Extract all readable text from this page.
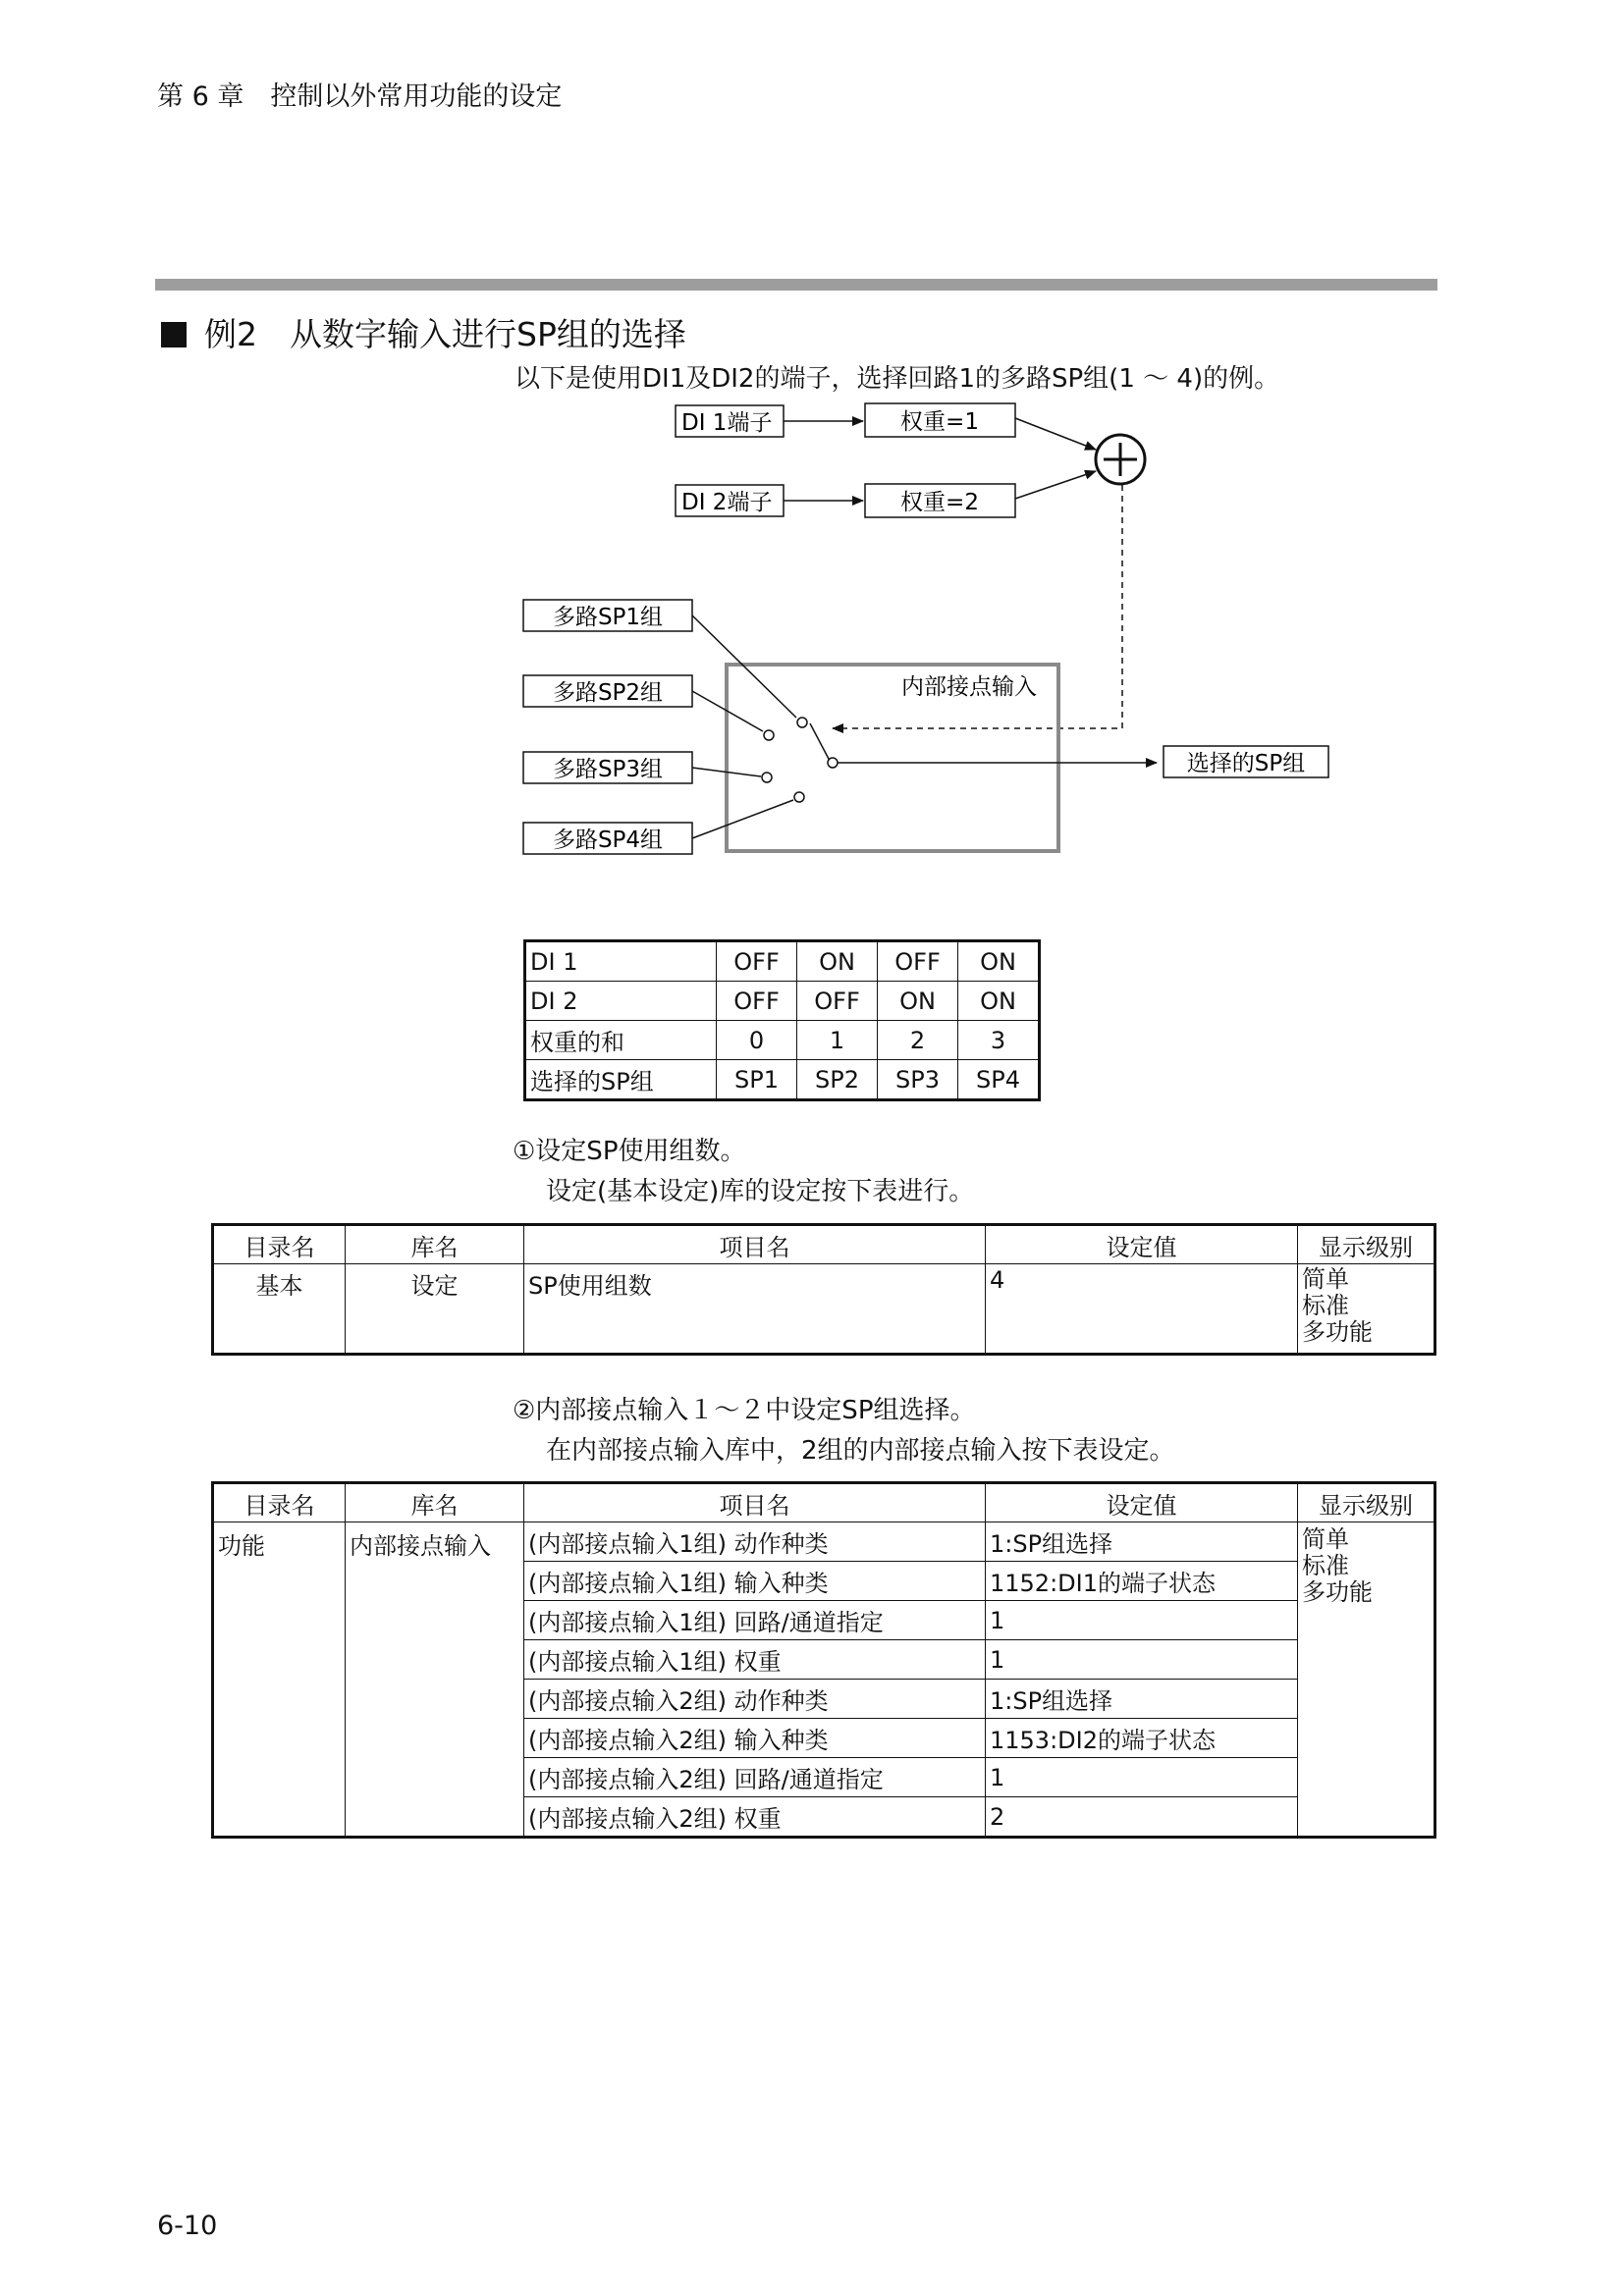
第 6 章　控制以外常用功能的设定
例2　从数字输入进行SP组的选择
以下是使用DI1及DI2的端子，选择回路1的多路SP组(1 ～ 4)的例。
DI 1端子
DI 2端子
权重=1
权重=2
多路SP1组
多路SP2组
多路SP3组
多路SP4组
内部接点输入
选择的SP组
DI 1	OFF	ON	OFF	ON
DI 2	OFF	OFF	ON	ON
权重的和	0	1	2	3
选择的SP组	SP1	SP2	SP3	SP4
①设定SP使用组数。
设定(基本设定)库的设定按下表进行。
目录名	库名	项目名	设定值	显示级别
基本	设定	SP使用组数	4	简单
标准
多功能
②内部接点输入１～２中设定SP组选择。
在内部接点输入库中，2组的内部接点输入按下表设定。
目录名	库名	项目名	设定值	显示级别
功能	内部接点输入	(内部接点输入1组) 动作种类	1:SP组选择	简单
标准
多功能

		(内部接点输入1组) 输入种类	1152:DI1的端子状态	
		(内部接点输入1组) 回路/通道指定	1	
		(内部接点输入1组) 权重	1	
		(内部接点输入2组) 动作种类	1:SP组选择	
		(内部接点输入2组) 输入种类	1153:DI2的端子状态	
		(内部接点输入2组) 回路/通道指定	1	
		(内部接点输入2组) 权重	2	
6-10
